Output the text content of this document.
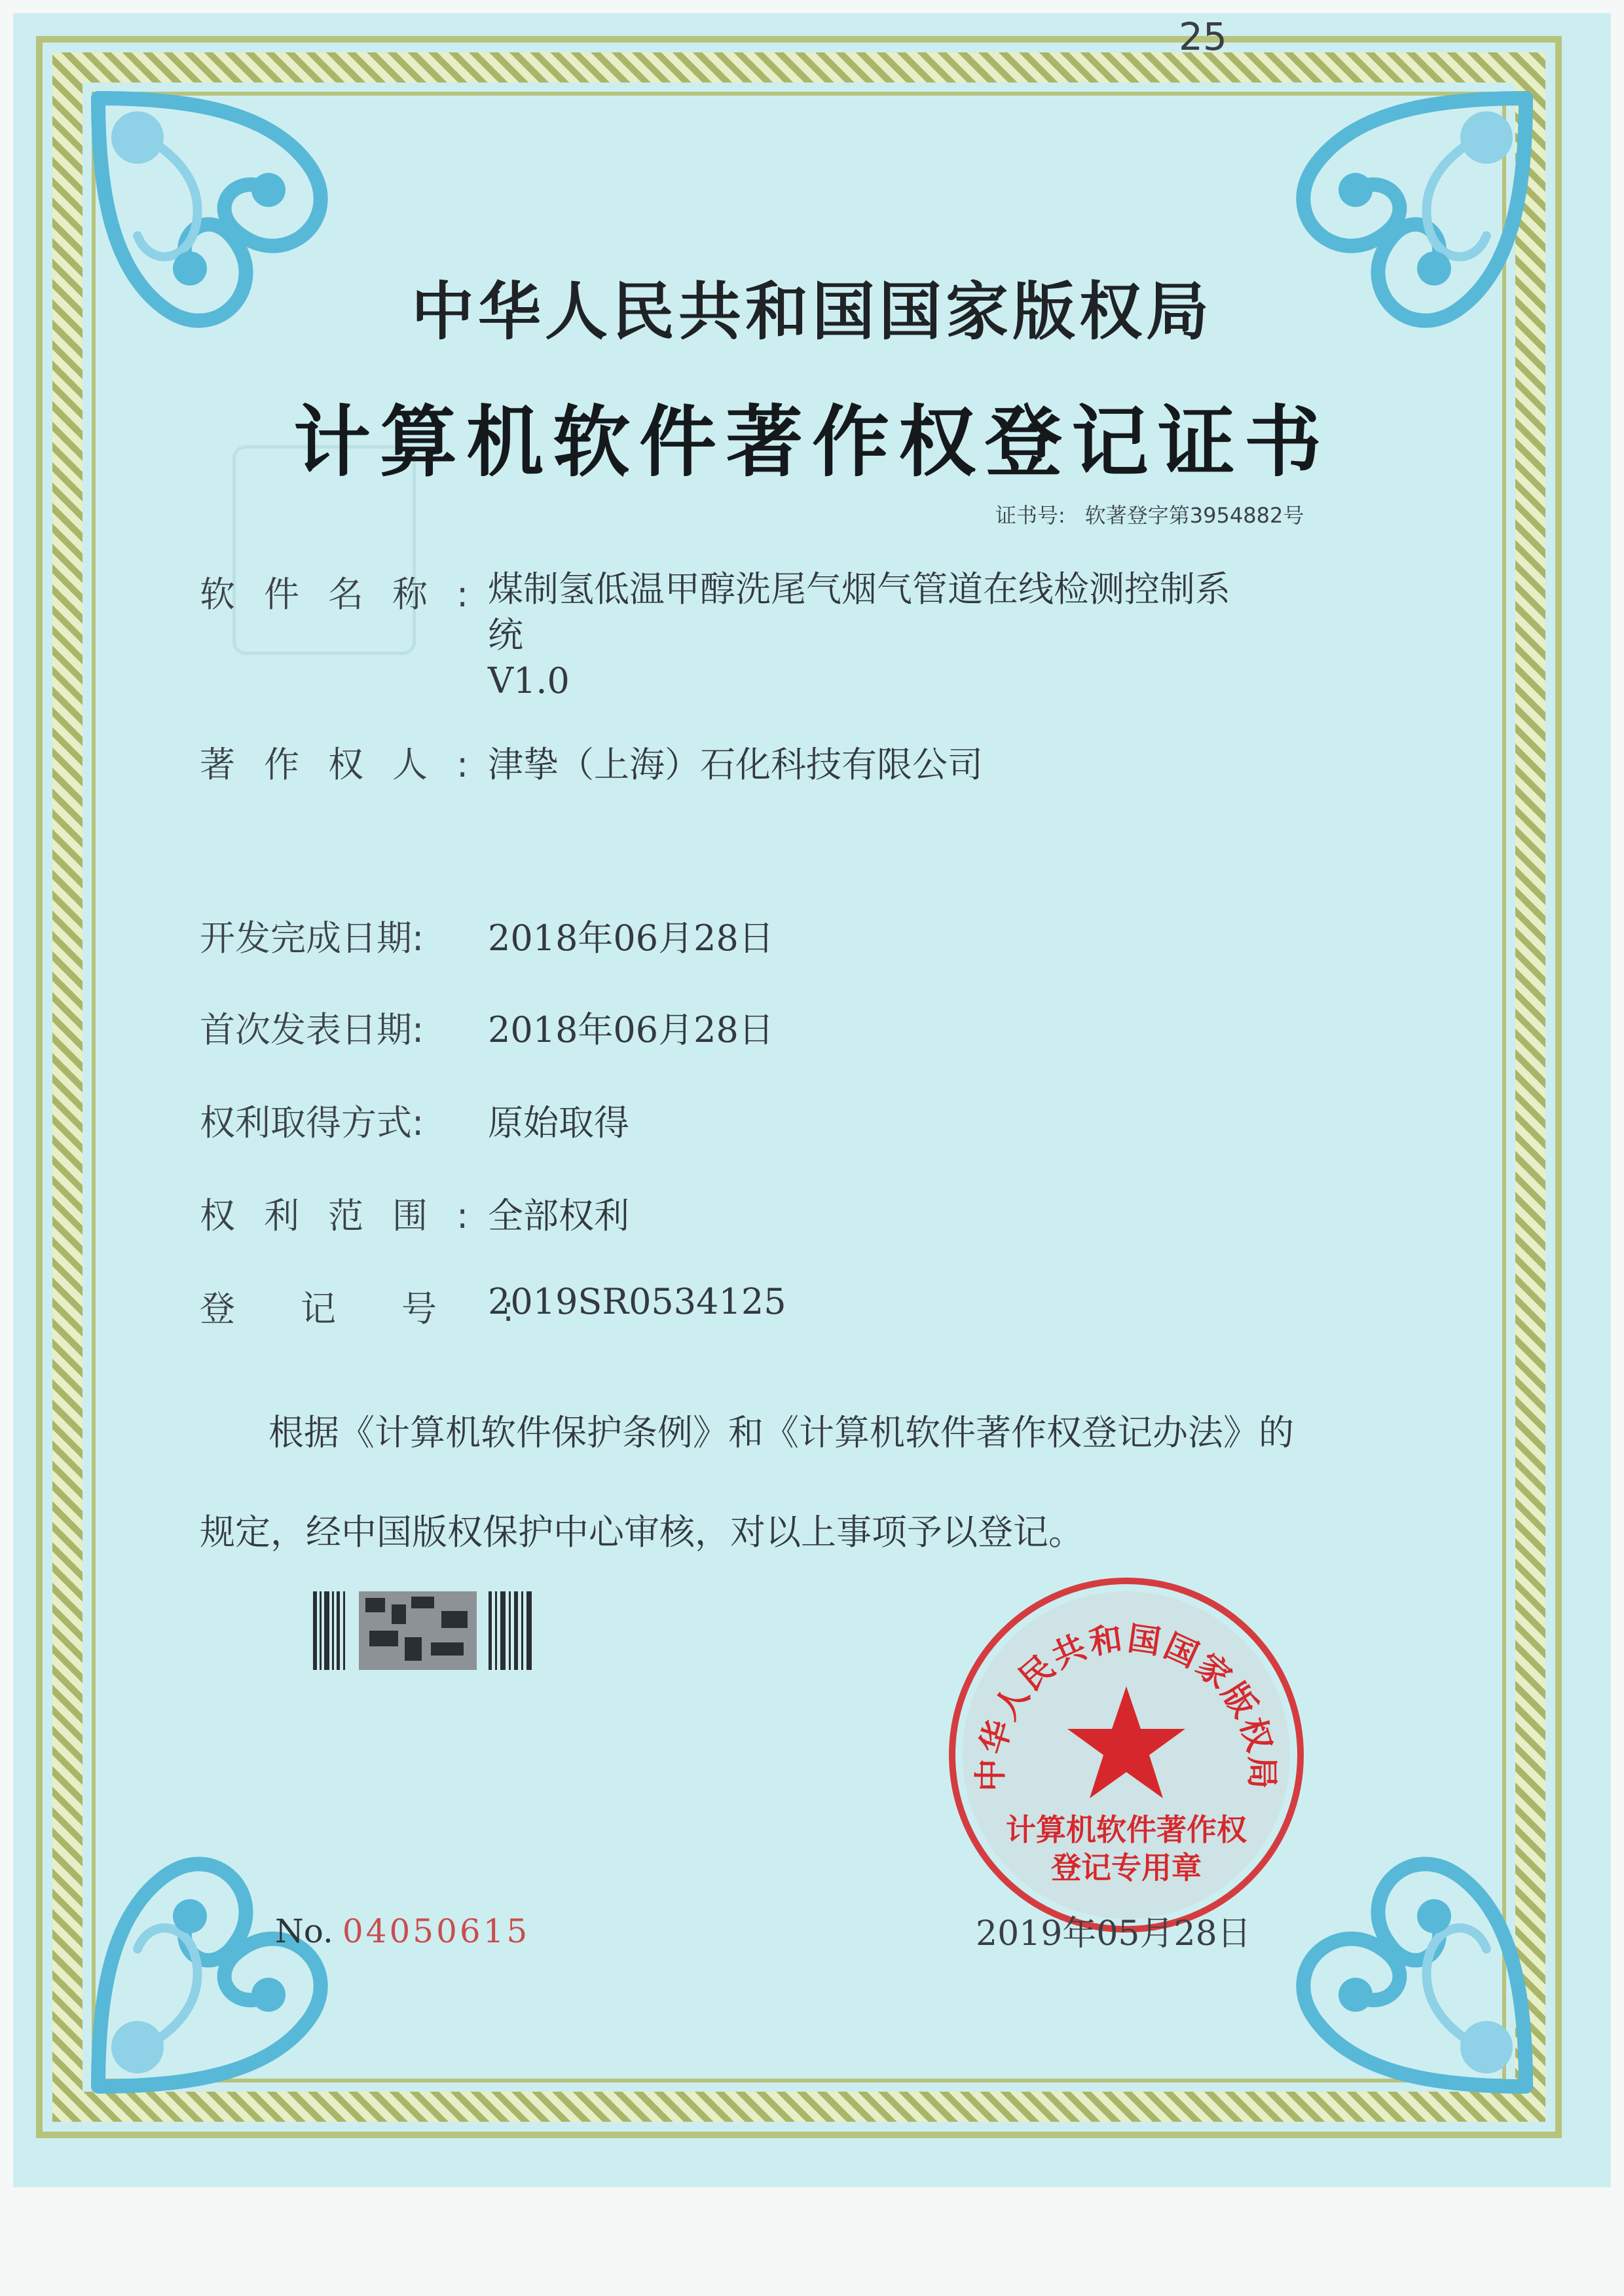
25
中华人民共和国国家版权局
计算机软件著作权登记证书
证书号: 软著登字第3954882号
软件名称:
煤制氢低温甲醇洗尾气烟气管道在线检测控制系
统
V1.0
著作权人:
津挚（上海）石化科技有限公司
开发完成日期:	2018年06月28日
首次发表日期:	2018年06月28日
权利取得方式:	原始取得
权利范围:
全部权利
登记号:
2019SR0534125
根据《计算机软件保护条例》和《计算机软件著作权登记办法》的
规定，经中国版权保护中心审核，对以上事项予以登记。
No. 04050615
中华人民共和国国家版权局
计算机软件著作权
登记专用章
2019年05月28日
